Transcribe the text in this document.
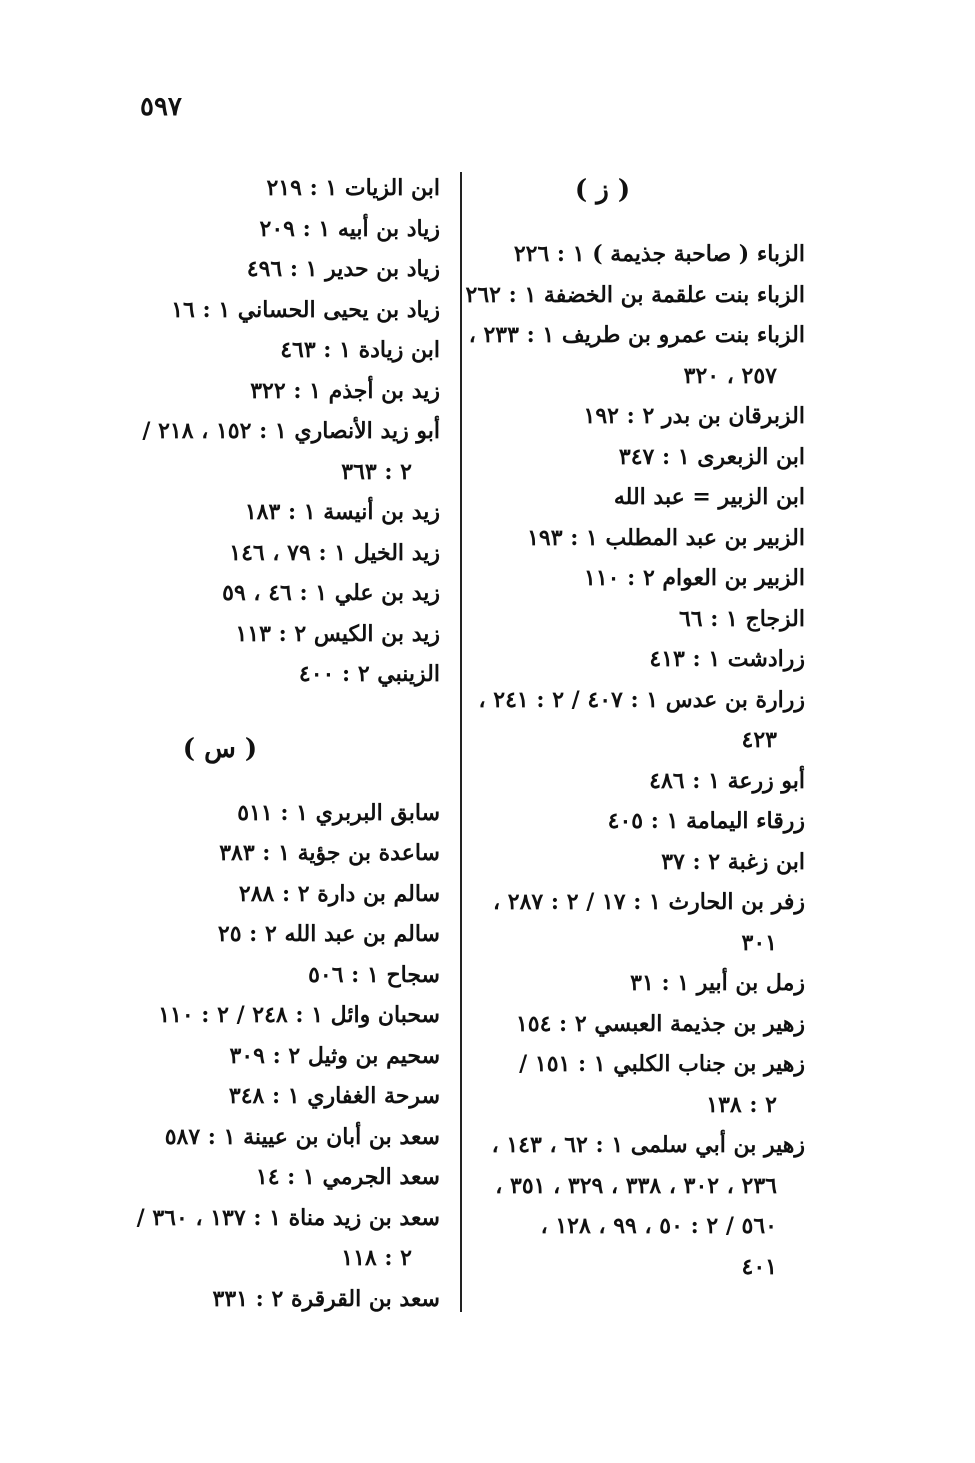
٥٩٧
( ز )
الزباء ( صاحبة جذيمة ) ١ : ٢٢٦
الزباء بنت علقمة بن الخضفة ١ : ٢٦٢
الزباء بنت عمرو بن طريف ١ : ٢٣٣ ،
٢٥٧ ، ٣٢٠
الزبرقان بن بدر ٢ : ١٩٢
ابن الزبعرى ١ : ٣٤٧
ابن الزبير = عبد الله
الزبير بن عبد المطلب ١ : ١٩٣
الزبير بن العوام ٢ : ١١٠
الزجاج ١ : ٦٦
زرادشت ١ : ٤١٣
زرارة بن عدس ١ : ٤٠٧ / ٢ : ٢٤١ ،
٤٢٣
أبو زرعة ١ : ٤٨٦
زرقاء اليمامة ١ : ٤٠٥
ابن زغبة ٢ : ٣٧
زفر بن الحارث ١ : ١٧ / ٢ : ٢٨٧ ،
٣٠١
زمل بن أبير ١ : ٣١
زهير بن جذيمة العبسي ٢ : ١٥٤
زهير بن جناب الكلبي ١ : ١٥١ /
٢ : ١٣٨
زهير بن أبي سلمى ١ : ٦٢ ، ١٤٣ ،
٢٣٦ ، ٣٠٢ ، ٣٣٨ ، ٣٢٩ ، ٣٥١ ،
٥٦٠ / ٢ : ٥٠ ، ٩٩ ، ١٢٨ ،
٤٠١
ابن الزيات ١ : ٢١٩
زياد بن أبيه ١ : ٢٠٩
زياد بن حدير ١ : ٤٩٦
زياد بن يحيى الحساني ١ : ١٦
ابن زيادة ١ : ٤٦٣
زيد بن أجذم ١ : ٣٢٢
أبو زيد الأنصاري ١ : ١٥٢ ، ٢١٨ /
٢ : ٣٦٣
زيد بن أنيسة ١ : ١٨٣
زيد الخيل ١ : ٧٩ ، ١٤٦
زيد بن علي ١ : ٤٦ ، ٥٩
زيد بن الكيس ٢ : ١١٣
الزينبي ٢ : ٤٠٠
( س )
سابق البربري ١ : ٥١١
ساعدة بن جؤية ١ : ٣٨٣
سالم بن دارة ٢ : ٢٨٨
سالم بن عبد الله ٢ : ٢٥
سجاح ١ : ٥٠٦
سحبان وائل ١ : ٢٤٨ / ٢ : ١١٠
سحيم بن وثيل ٢ : ٣٠٩
سرحة الغفاري ١ : ٣٤٨
سعد بن أبان بن عيينة ١ : ٥٨٧
سعد الجرمي ١ : ١٤
سعد بن زيد مناة ١ : ١٣٧ ، ٣٦٠ /
٢ : ١١٨
سعد بن القرقرة ٢ : ٣٣١
